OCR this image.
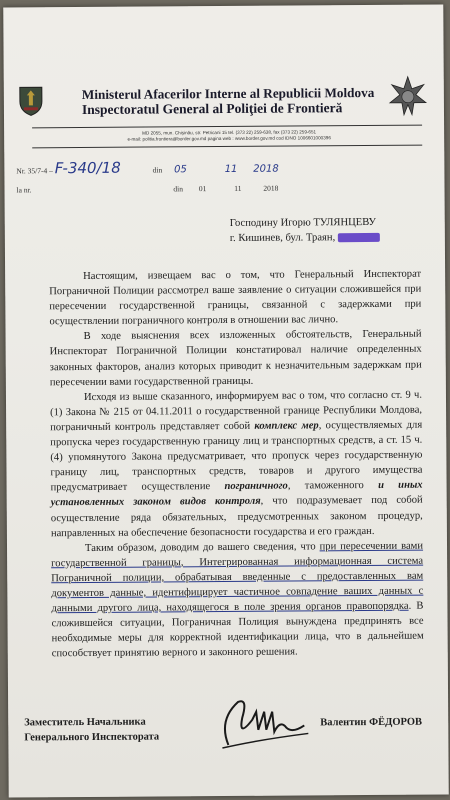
Ministerul Afacerilor Interne al Republicii Moldova
Inspectoratul General al Poliţiei de Frontieră
MD 2055, mun. Chişinău, str. Petricani 15 tel. (373 22) 259-638, fax (373 22) 259-651
e-mail: politia.frontiera@border.gov.md pagina web : www.border.gov.md cod IDNO 1006601000396
Nr. 35/7-4 – F-340/18	din 05	11 2018
la nr.	din 01	11	2018
Господину Игорю ТУЛЯНЦЕВУ
г. Кишинев, бул. Траян,

Настоящим, извещаем вас о том, что Генеральный Инспекторат Пограничной Полиции рассмотрел ваше заявление о ситуации сложившейся при пересечении государственной границы, связанной с задержками при осуществлении пограничного контроля в отношении вас лично.

В ходе выяснения всех изложенных обстоятельств, Генеральный Инспекторат Пограничной Полиции констатировал наличие определенных законных факторов, анализ которых приводит к незначительным задержкам при пересечении вами государственной границы.

Исходя из выше сказанного, информируем вас о том, что согласно ст. 9 ч. (1) Закона № 215 от 04.11.2011 о государственной границе Республики Молдова, пограничный контроль представляет собой комплекс мер, осуществляемых для пропуска через государственную границу лиц и транспортных средств, а ст. 15 ч. (4) упомянутого Закона предусматривает, что пропуск через государственную границу лиц, транспортных средств, товаров и другого имущества предусматривает осуществление пограничного, таможенного и иных установленных законом видов контроля, что подразумевает под собой осуществление ряда обязательных, предусмотренных законом процедур, направленных на обеспечение безопасности государства и его граждан.

Таким образом, доводим до вашего сведения, что при пересечении вами государственной границы, Интегрированная информационная система Пограничной полиции, обрабатывая введенные с предоставленных вам документов данные, идентифицирует частичное совпадение ваших данных с данными другого лица, находящегося в поле зрения органов правопорядка. В сложившейся ситуации, Пограничная Полиция вынуждена предпринять все необходимые меры для корректной идентификации лица, что в дальнейшем способствует принятию верного и законного решения.

Заместитель Начальника
Генерального Инспектората
Валентин ФЁДОРОВ
